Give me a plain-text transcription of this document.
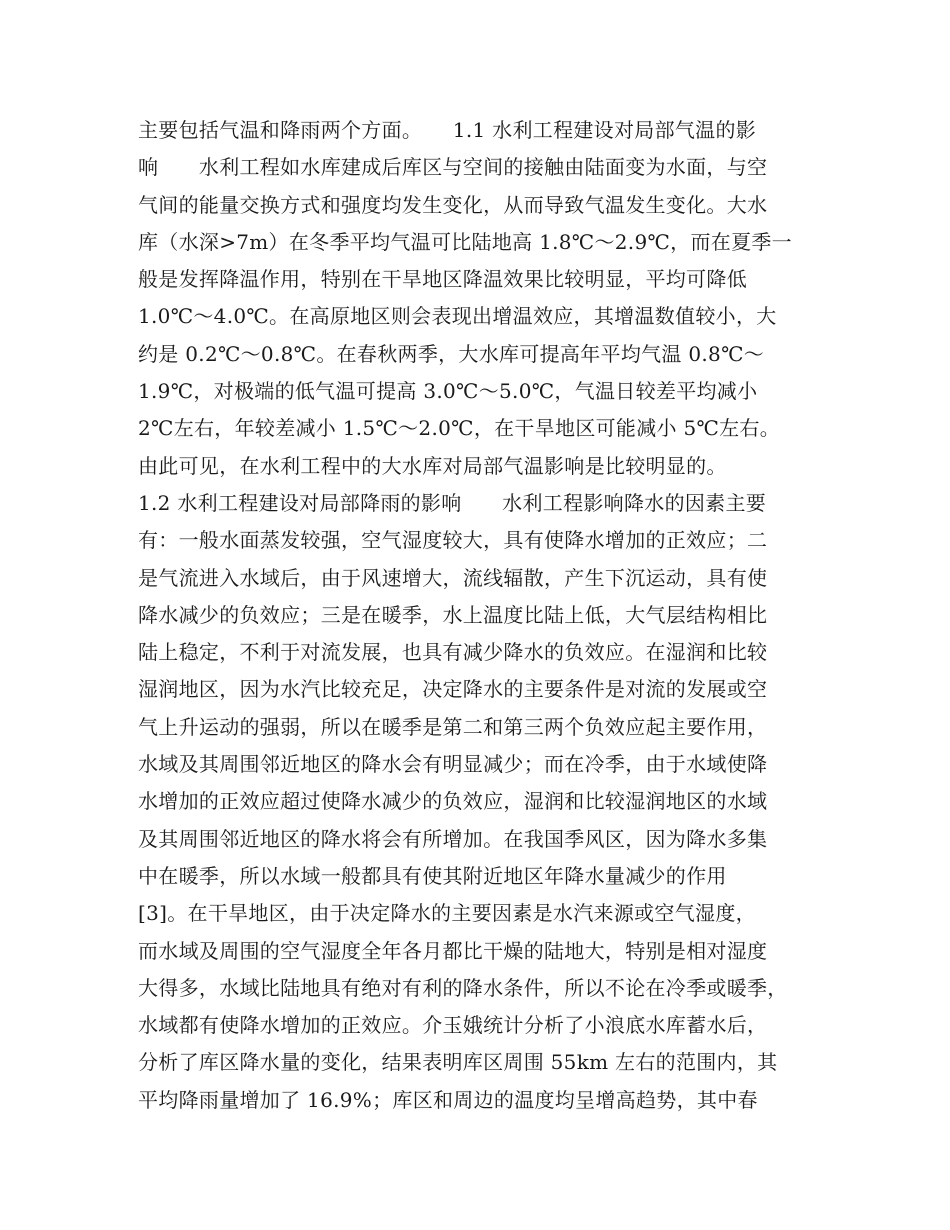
主要包括气温和降雨两个方面。　　1.1 水利工程建设对局部气温的影
响　　水利工程如水库建成后库区与空间的接触由陆面变为水面，与空
气间的能量交换方式和强度均发生变化，从而导致气温发生变化。大水
库（水深>7m）在冬季平均气温可比陆地高 1.8℃～2.9℃，而在夏季一
般是发挥降温作用，特别在干旱地区降温效果比较明显，平均可降低
1.0℃～4.0℃。在高原地区则会表现出增温效应，其增温数值较小，大
约是 0.2℃～0.8℃。在春秋两季，大水库可提高年平均气温 0.8℃～
1.9℃，对极端的低气温可提高 3.0℃～5.0℃，气温日较差平均减小
2℃左右，年较差减小 1.5℃～2.0℃，在干旱地区可能减小 5℃左右。
由此可见，在水利工程中的大水库对局部气温影响是比较明显的。
1.2 水利工程建设对局部降雨的影响　　水利工程影响降水的因素主要
有：一般水面蒸发较强，空气湿度较大，具有使降水增加的正效应；二
是气流进入水域后，由于风速增大，流线辐散，产生下沉运动，具有使
降水减少的负效应；三是在暖季，水上温度比陆上低，大气层结构相比
陆上稳定，不利于对流发展，也具有减少降水的负效应。在湿润和比较
湿润地区，因为水汽比较充足，决定降水的主要条件是对流的发展或空
气上升运动的强弱，所以在暖季是第二和第三两个负效应起主要作用，
水域及其周围邻近地区的降水会有明显减少；而在冷季，由于水域使降
水增加的正效应超过使降水减少的负效应，湿润和比较湿润地区的水域
及其周围邻近地区的降水将会有所增加。在我国季风区，因为降水多集
中在暖季，所以水域一般都具有使其附近地区年降水量减少的作用
[3]。在干旱地区，由于决定降水的主要因素是水汽来源或空气湿度，
而水域及周围的空气湿度全年各月都比干燥的陆地大，特别是相对湿度
大得多，水域比陆地具有绝对有利的降水条件，所以不论在冷季或暖季，
水域都有使降水增加的正效应。介玉娥统计分析了小浪底水库蓄水后，
分析了库区降水量的变化，结果表明库区周围 55km 左右的范围内，其
平均降雨量增加了 16.9%；库区和周边的温度均呈增高趋势，其中春
